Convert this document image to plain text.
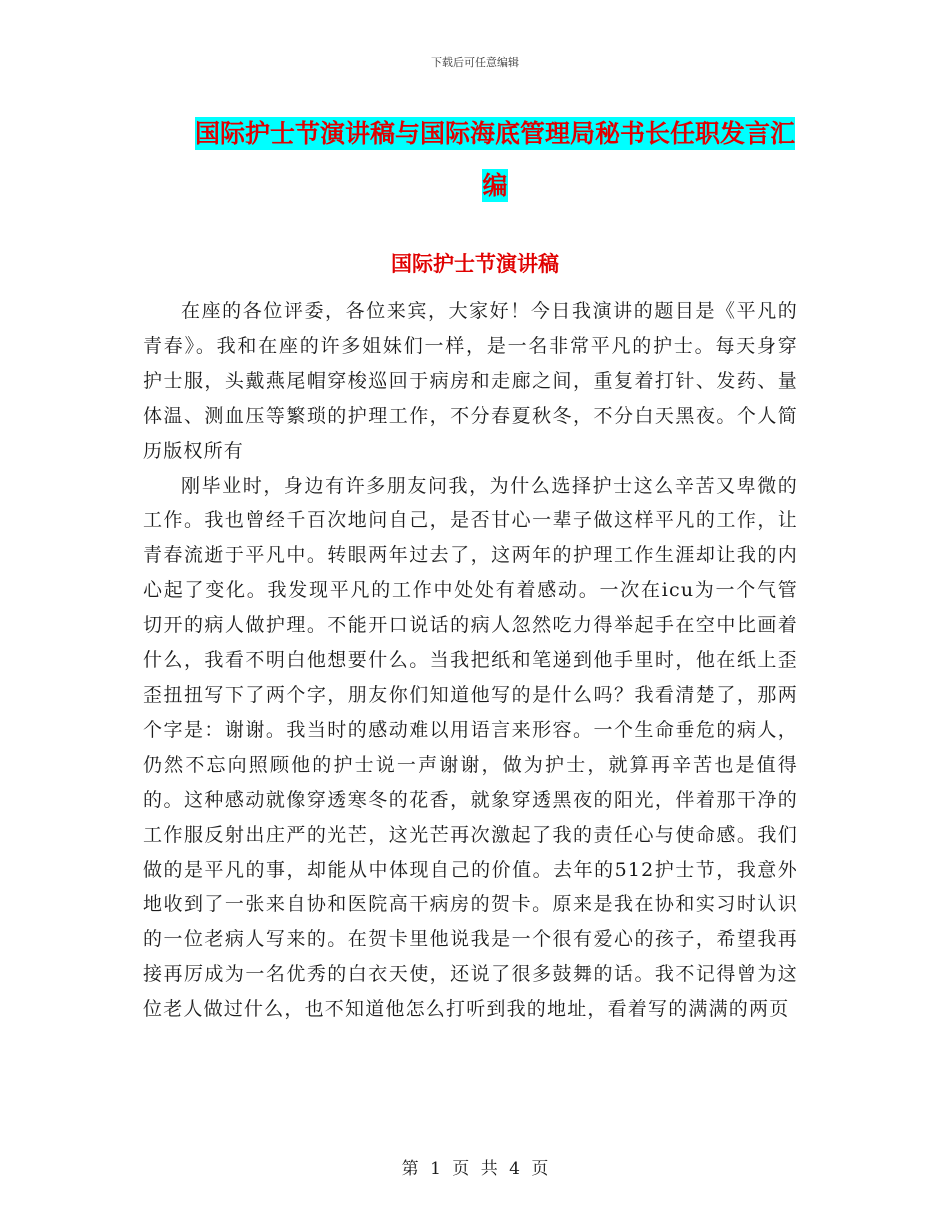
下载后可任意编辑
国际护士节演讲稿与国际海底管理局秘书长任职发言汇编
国际护士节演讲稿

在座的各位评委，各位来宾，大家好！今日我演讲的题目是《平凡的青春》。我和在座的许多姐妹们一样，是一名非常平凡的护士。每天身穿护士服，头戴燕尾帽穿梭巡回于病房和走廊之间，重复着打针、发药、量体温、测血压等繁琐的护理工作，不分春夏秋冬，不分白天黑夜。个人简历版权所有

刚毕业时，身边有许多朋友问我，为什么选择护士这么辛苦又卑微的工作。我也曾经千百次地问自己，是否甘心一辈子做这样平凡的工作，让青春流逝于平凡中。转眼两年过去了，这两年的护理工作生涯却让我的内心起了变化。我发现平凡的工作中处处有着感动。一次在icu为一个气管切开的病人做护理。不能开口说话的病人忽然吃力得举起手在空中比画着什么，我看不明白他想要什么。当我把纸和笔递到他手里时，他在纸上歪歪扭扭写下了两个字，朋友你们知道他写的是什么吗？我看清楚了，那两个字是：谢谢。我当时的感动难以用语言来形容。一个生命垂危的病人，仍然不忘向照顾他的护士说一声谢谢，做为护士，就算再辛苦也是值得的。这种感动就像穿透寒冬的花香，就象穿透黑夜的阳光，伴着那干净的工作服反射出庄严的光芒，这光芒再次激起了我的责任心与使命感。我们做的是平凡的事，却能从中体现自己的价值。去年的512护士节，我意外地收到了一张来自协和医院高干病房的贺卡。原来是我在协和实习时认识的一位老病人写来的。在贺卡里他说我是一个很有爱心的孩子，希望我再接再厉成为一名优秀的白衣天使，还说了很多鼓舞的话。我不记得曾为这位老人做过什么，也不知道他怎么打听到我的地址，看着写的满满的两页

第 1 页 共 4 页
